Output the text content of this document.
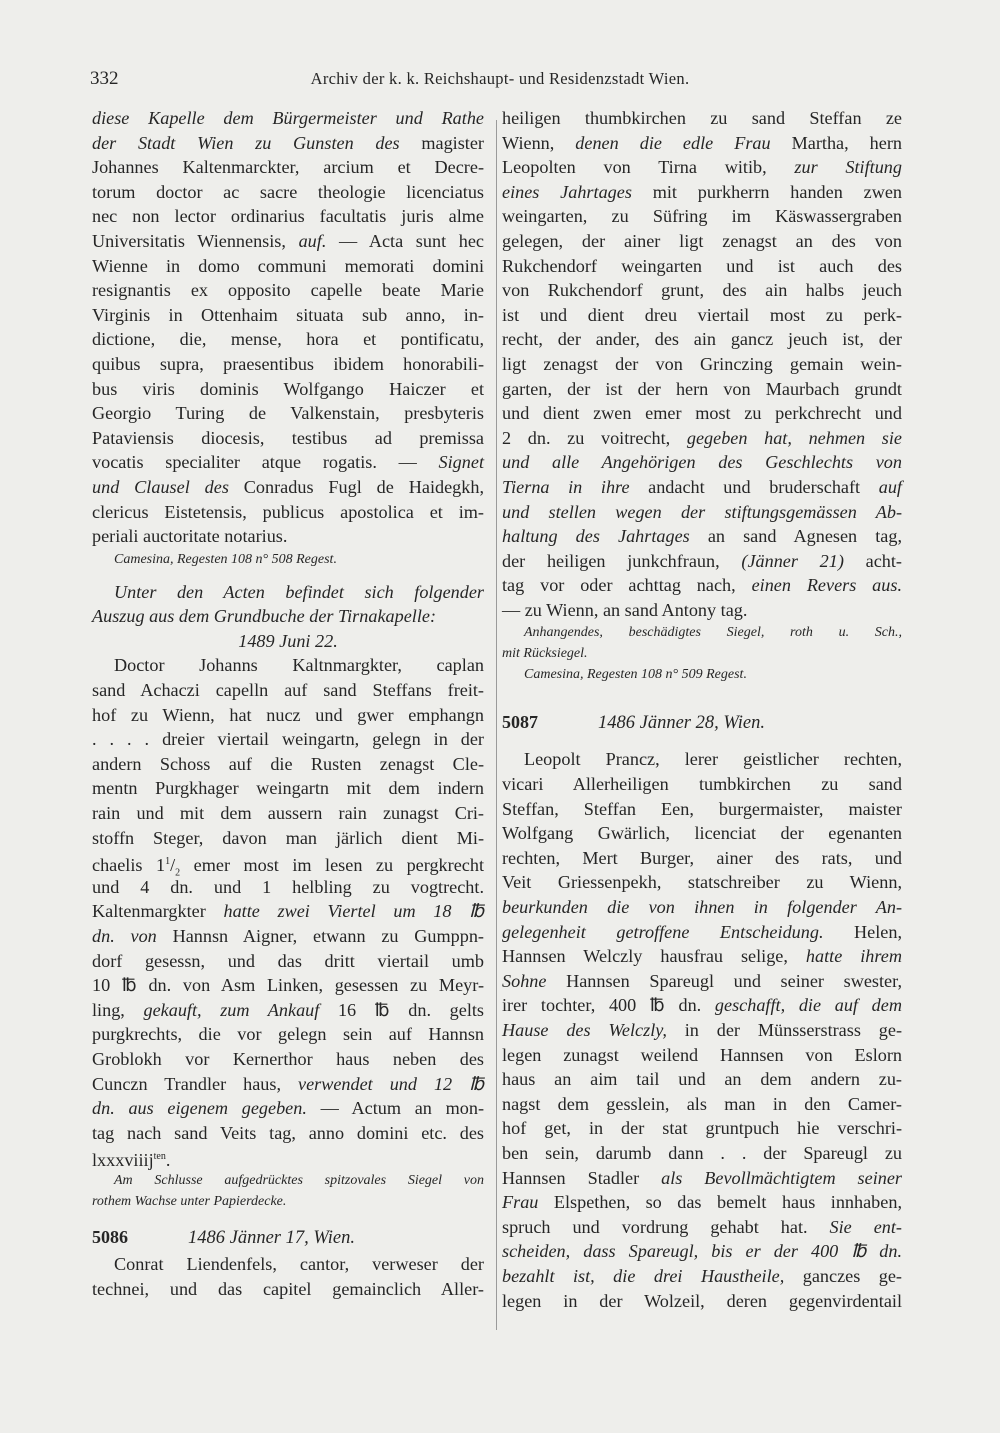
332	Archiv der k. k. Reichshaupt- und Residenzstadt Wien.
diese Kapelle dem Bürgermeister und Rathe
der Stadt Wien zu Gunsten des magister
Johannes Kaltenmarckter, arcium et Decre-
torum doctor ac sacre theologie licenciatus
nec non lector ordinarius facultatis juris alme
Universitatis Wiennensis, auf. — Acta sunt hec
Wienne in domo communi memorati domini
resignantis ex opposito capelle beate Marie
Virginis in Ottenhaim situata sub anno, in-
dictione, die, mense, hora et pontificatu,
quibus supra, praesentibus ibidem honorabili-
bus viris dominis Wolfgango Haiczer et
Georgio Turing de Valkenstain, presbyteris
Pataviensis diocesis, testibus ad premissa
vocatis specialiter atque rogatis. — Signet
und Clausel des Conradus Fugl de Haidegkh,
clericus Eistetensis, publicus apostolica et im-
periali auctoritate notarius.
Camesina, Regesten 108 n° 508 Regest.
Unter den Acten befindet sich folgender
Auszug aus dem Grundbuche der Tirnakapelle:
1489 Juni 22.
Doctor Johanns Kaltnmargkter, caplan
sand Achaczi capelln auf sand Steffans freit-
hof zu Wienn, hat nucz und gwer emphangn
. . . . dreier viertail weingartn, gelegn in der
andern Schoss auf die Rusten zenagst Cle-
mentn Purgkhager weingartn mit dem indern
rain und mit dem aussern rain zunagst Cri-
stoffn Steger, davon man järlich dient Mi-
chaelis $1^1/_2$ emer most im lesen zu pergkrecht
und 4 dn. und 1 helbling zu vogtrecht.
Kaltenmargkter hatte zwei Viertel um 18 ℔
dn. von Hannsn Aigner, etwann zu Gumppn-
dorf gesessn, und das dritt viertail umb
10 ℔ dn. von Asm Linken, gesessen zu Meyr-
ling, gekauft, zum Ankauf 16 ℔ dn. gelts
purgkrechts, die vor gelegn sein auf Hannsn
Groblokh vor Kernerthor haus neben des
Cunczn Trandler haus, verwendet und 12 ℔
dn. aus eigenem gegeben. — Actum an mon-
tag nach sand Veits tag, anno domini etc. des
lxxxviiij$^{ten}$.
Am Schlusse aufgedrücktes spitzovales Siegel von
rothem Wachse unter Papierdecke.
5086	1486 Jänner 17, Wien.
Conrat Liendenfels, cantor, verweser der
technei, und das capitel gemainclich Aller-
heiligen thumbkirchen zu sand Steffan ze
Wienn, denen die edle Frau Martha, hern
Leopolten von Tirna witib, zur Stiftung
eines Jahrtages mit purkherrn handen zwen
weingarten, zu Süfring im Käswassergraben
gelegen, der ainer ligt zenagst an des von
Rukchendorf weingarten und ist auch des
von Rukchendorf grunt, des ain halbs jeuch
ist und dient dreu viertail most zu perk-
recht, der ander, des ain gancz jeuch ist, der
ligt zenagst der von Grinczing gemain wein-
garten, der ist der hern von Maurbach grundt
und dient zwen emer most zu perkchrecht und
2 dn. zu voitrecht, gegeben hat, nehmen sie
und alle Angehörigen des Geschlechts von
Tierna in ihre andacht und bruderschaft auf
und stellen wegen der stiftungsgemässen Ab-
haltung des Jahrtages an sand Agnesen tag,
der heiligen junkchfraun, (Jänner 21) acht-
tag vor oder achttag nach, einen Revers aus.
— zu Wienn, an sand Antony tag.
Anhangendes, beschädigtes Siegel, roth u. Sch.,
mit Rücksiegel.
Camesina, Regesten 108 n° 509 Regest.
5087	1486 Jänner 28, Wien.
Leopolt Prancz, lerer geistlicher rechten,
vicari Allerheiligen tumbkirchen zu sand
Steffan, Steffan Een, burgermaister, maister
Wolfgang Gwärlich, licenciat der egenanten
rechten, Mert Burger, ainer des rats, und
Veit Griessenpekh, statschreiber zu Wienn,
beurkunden die von ihnen in folgender An-
gelegenheit getroffene Entscheidung. Helen,
Hannsen Welczly hausfrau selige, hatte ihrem
Sohne Hannsen Spareugl und seiner swester,
irer tochter, 400 ℔ dn. geschafft, die auf dem
Hause des Welczly, in der Münsserstrass ge-
legen zunagst weilend Hannsen von Eslorn
haus an aim tail und an dem andern zu-
nagst dem gesslein, als man in den Camer-
hof get, in der stat gruntpuch hie verschri-
ben sein, darumb dann . . der Spareugl zu
Hannsen Stadler als Bevollmächtigtem seiner
Frau Elspethen, so das bemelt haus innhaben,
spruch und vordrung gehabt hat. Sie ent-
scheiden, dass Spareugl, bis er der 400 ℔ dn.
bezahlt ist, die drei Haustheile, ganczes ge-
legen in der Wolzeil, deren gegenvirdentail
